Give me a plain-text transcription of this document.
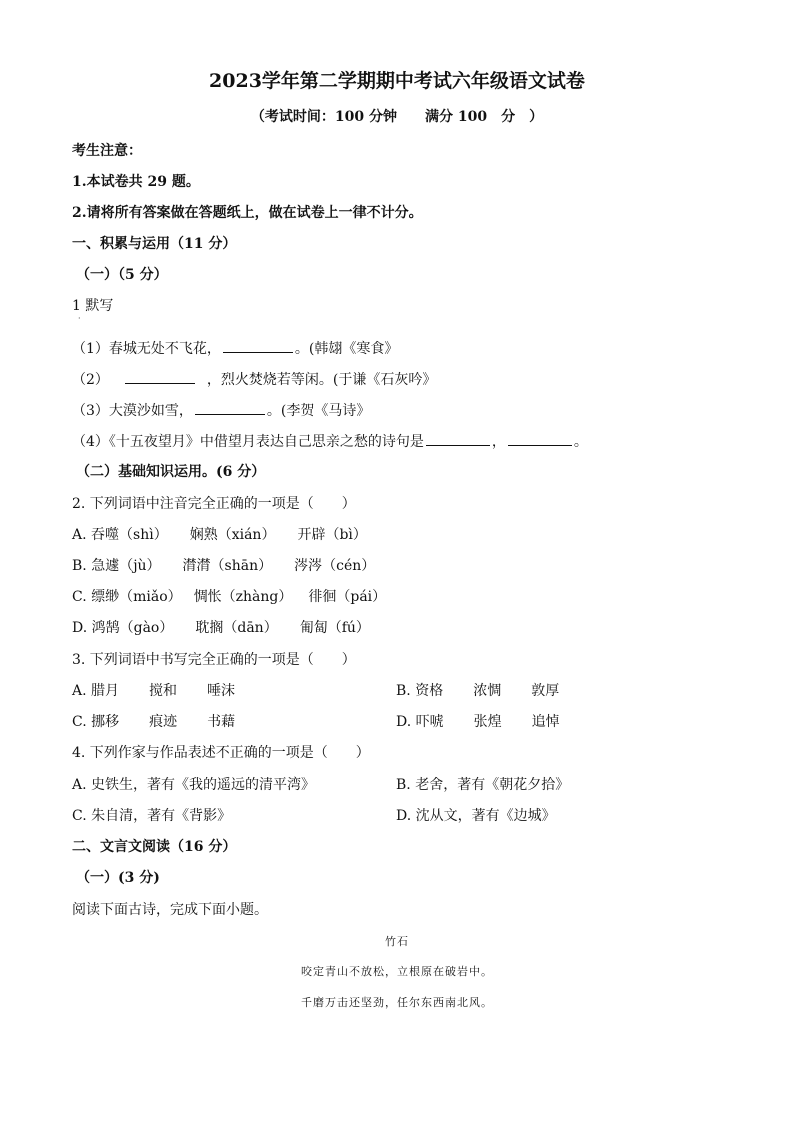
2023学年第二学期期中考试六年级语文试卷
（考试时间：100 分钟　　满分 100　分　）
考生注意：
1.本试卷共 29 题。
2.请将所有答案做在答题纸上，做在试卷上一律不计分。
一、积累与运用（11 分）
（一）（5 分）
1 默写
·
（1）春城无处不飞花，	。(韩翃《寒食》
（2）	，烈火焚烧若等闲。(于谦《石灰吟》
（3）大漠沙如雪，	。(李贺《马诗》
（4）《十五夜望月》中借望月表达自己思亲之愁的诗句是	，	。
（二）基础知识运用。(6 分）
2. 下列词语中注音完全正确的一项是（　　）
A. 吞噬（shì） 娴熟（xián） 开辟（bì）
B. 急遽（jù） 潸潸（shān） 涔涔（cén）
C. 缥缈（miǎo） 惆怅（zhàng） 徘徊（pái）
D. 鸿鹄（gào） 耽搁（dān） 匍匐（fú）
3. 下列词语中书写完全正确的一项是（　　）
A. 腊月 搅和 唾沫	B. 资格 浓惆 敦厚
C. 挪移 痕迹 书藉	D. 吓唬 张煌 追悼
4. 下列作家与作品表述不正确的一项是（　　）
A. 史铁生，著有《我的遥远的清平湾》	B. 老舍，著有《朝花夕拾》
C. 朱自清，著有《背影》	D. 沈从文，著有《边城》
二、文言文阅读（16 分）
（一）(3 分)
阅读下面古诗，完成下面小题。
竹石
咬定青山不放松，立根原在破岩中。
千磨万击还坚劲，任尔东西南北风。
